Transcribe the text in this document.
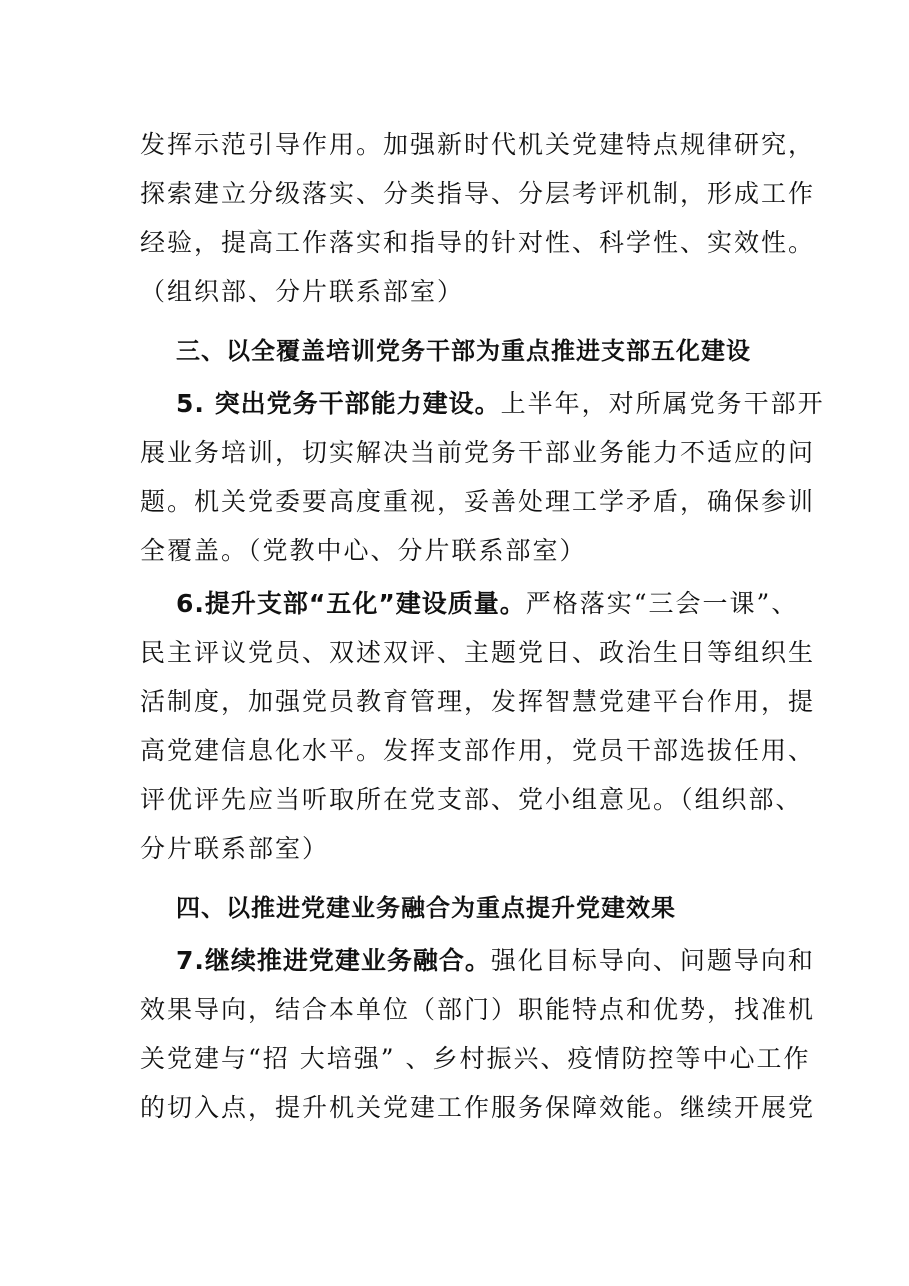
发挥示范引导作用。加强新时代机关党建特点规律研究，
探索建立分级落实、分类指导、分层考评机制，形成工作
经验，提高工作落实和指导的针对性、科学性、实效性。
（组织部、分片联系部室）
三、以全覆盖培训党务干部为重点推进支部五化建设
5. 突出党务干部能力建设。上半年，对所属党务干部开
展业务培训，切实解决当前党务干部业务能力不适应的问
题。机关党委要高度重视，妥善处理工学矛盾，确保参训
全覆盖。（党教中心、分片联系部室）
6.提升支部“五化”建设质量。严格落实“三会一课”、
民主评议党员、双述双评、主题党日、政治生日等组织生
活制度，加强党员教育管理，发挥智慧党建平台作用，提
高党建信息化水平。发挥支部作用，党员干部选拔任用、
评优评先应当听取所在党支部、党小组意见。（组织部、
分片联系部室）
四、以推进党建业务融合为重点提升党建效果
7.继续推进党建业务融合。强化目标导向、问题导向和
效果导向，结合本单位（部门）职能特点和优势，找准机
关党建与“招 大培强” 、乡村振兴、疫情防控等中心工作
的切入点，提升机关党建工作服务保障效能。继续开展党
